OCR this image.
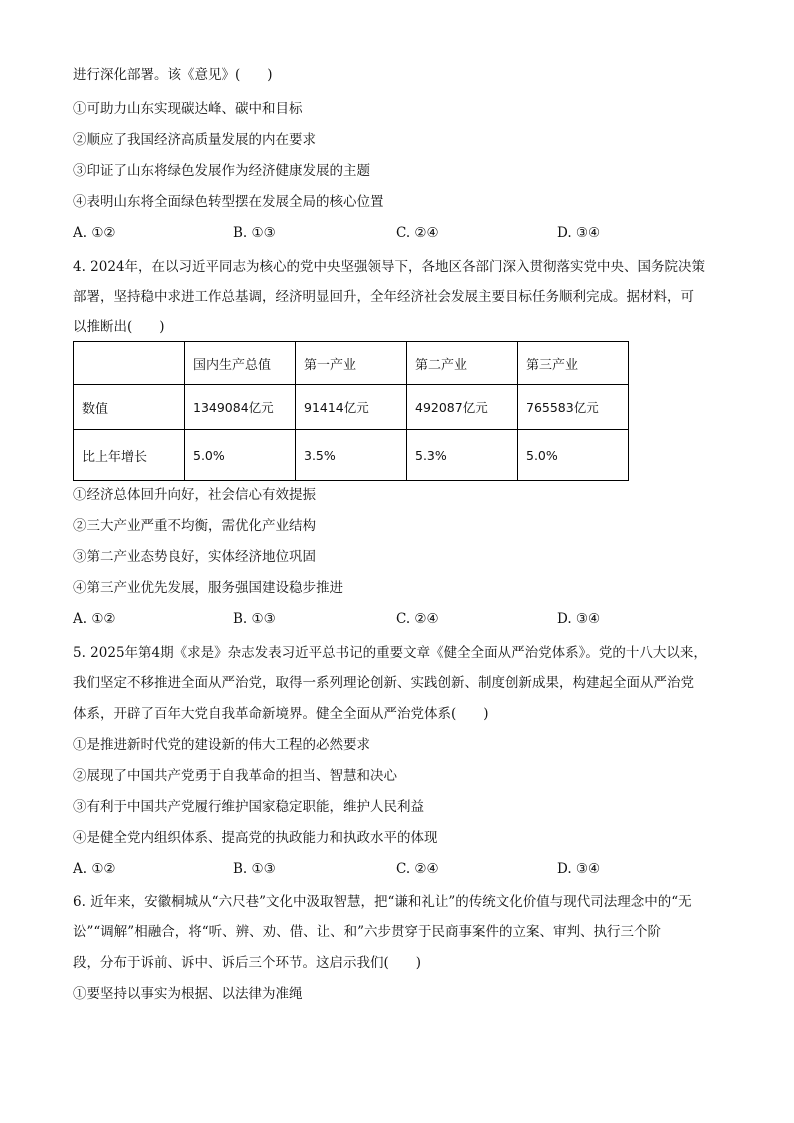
进行深化部署。该《意见》(　　)
①可助力山东实现碳达峰、碳中和目标
②顺应了我国经济高质量发展的内在要求
③印证了山东将绿色发展作为经济健康发展的主题
④表明山东将全面绿色转型摆在发展全局的核心位置
A. ①②	B. ①③	C. ②④	D. ③④
4. 2024年，在以习近平同志为核心的党中央坚强领导下，各地区各部门深入贯彻落实党中央、国务院决策
部署，坚持稳中求进工作总基调，经济明显回升，全年经济社会发展主要目标任务顺利完成。据材料，可
以推断出(　　)
	国内生产总值	第一产业	第二产业	第三产业
数值	1349084亿元	91414亿元	492087亿元	765583亿元
比上年增长	5.0%	3.5%	5.3%	5.0%
①经济总体回升向好，社会信心有效提振
②三大产业严重不均衡，需优化产业结构
③第二产业态势良好，实体经济地位巩固
④第三产业优先发展，服务强国建设稳步推进
A. ①②	B. ①③	C. ②④	D. ③④
5. 2025年第4期《求是》杂志发表习近平总书记的重要文章《健全全面从严治党体系》。党的十八大以来，
我们坚定不移推进全面从严治党，取得一系列理论创新、实践创新、制度创新成果，构建起全面从严治党
体系，开辟了百年大党自我革命新境界。健全全面从严治党体系(　　)
①是推进新时代党的建设新的伟大工程的必然要求
②展现了中国共产党勇于自我革命的担当、智慧和决心
③有利于中国共产党履行维护国家稳定职能，维护人民利益
④是健全党内组织体系、提高党的执政能力和执政水平的体现
A. ①②	B. ①③	C. ②④	D. ③④
6. 近年来，安徽桐城从“六尺巷”文化中汲取智慧，把“谦和礼让”的传统文化价值与现代司法理念中的“无
讼”“调解”相融合，将“听、辨、劝、借、让、和”六步贯穿于民商事案件的立案、审判、执行三个阶
段，分布于诉前、诉中、诉后三个环节。这启示我们(　　)
①要坚持以事实为根据、以法律为准绳
